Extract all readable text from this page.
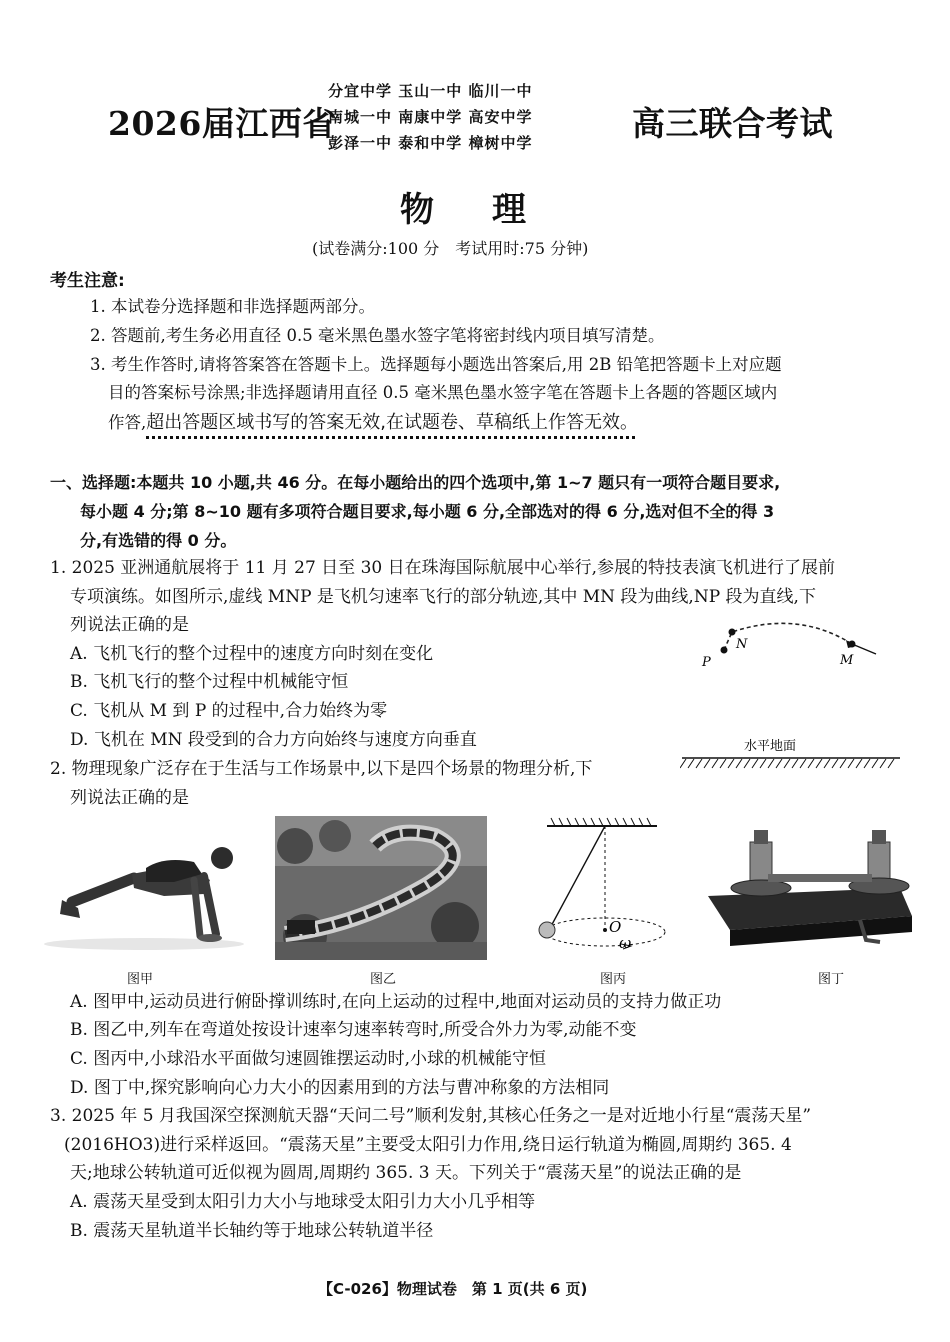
2026届江西省
分宜中学 玉山一中 临川一中
南城一中 南康中学 高安中学
彭泽一中 泰和中学 樟树中学	高三联合考试
物理
(试卷满分:100 分　考试用时:75 分钟)
考生注意:
1. 本试卷分选择题和非选择题两部分。
2. 答题前,考生务必用直径 0.5 毫米黑色墨水签字笔将密封线内项目填写清楚。
3. 考生作答时,请将答案答在答题卡上。选择题每小题选出答案后,用 2B 铅笔把答题卡上对应题
目的答案标号涂黑;非选择题请用直径 0.5 毫米黑色墨水签字笔在答题卡上各题的答题区域内
作答,超出答题区域书写的答案无效,在试题卷、草稿纸上作答无效。
一、选择题:本题共 10 小题,共 46 分。在每小题给出的四个选项中,第 1~7 题只有一项符合题目要求,
每小题 4 分;第 8~10 题有多项符合题目要求,每小题 6 分,全部选对的得 6 分,选对但不全的得 3
分,有选错的得 0 分。
1. 2025 亚洲通航展将于 11 月 27 日至 30 日在珠海国际航展中心举行,参展的特技表演飞机进行了展前
专项演练。如图所示,虚线 MNP 是飞机匀速率飞行的部分轨迹,其中 MN 段为曲线,NP 段为直线,下
列说法正确的是
A. 飞机飞行的整个过程中的速度方向时刻在变化
B. 飞机飞行的整个过程中机械能守恒
C. 飞机从 M 到 P 的过程中,合力始终为零
D. 飞机在 MN 段受到的合力方向始终与速度方向垂直
P
N
M
水平地面
2. 物理现象广泛存在于生活与工作场景中,以下是四个场景的物理分析,下
列说法正确的是
O
ω
图甲	图乙	图丙	图丁
A. 图甲中,运动员进行俯卧撑训练时,在向上运动的过程中,地面对运动员的支持力做正功
B. 图乙中,列车在弯道处按设计速率匀速率转弯时,所受合外力为零,动能不变
C. 图丙中,小球沿水平面做匀速圆锥摆运动时,小球的机械能守恒
D. 图丁中,探究影响向心力大小的因素用到的方法与曹冲称象的方法相同
3. 2025 年 5 月我国深空探测航天器“天问二号”顺利发射,其核心任务之一是对近地小行星“震荡天星”
(2016HO3)进行采样返回。“震荡天星”主要受太阳引力作用,绕日运行轨道为椭圆,周期约 365. 4
天;地球公转轨道可近似视为圆周,周期约 365. 3 天。下列关于“震荡天星”的说法正确的是
A. 震荡天星受到太阳引力大小与地球受太阳引力大小几乎相等
B. 震荡天星轨道半长轴约等于地球公转轨道半径
【C-026】物理试卷　第 1 页(共 6 页)
